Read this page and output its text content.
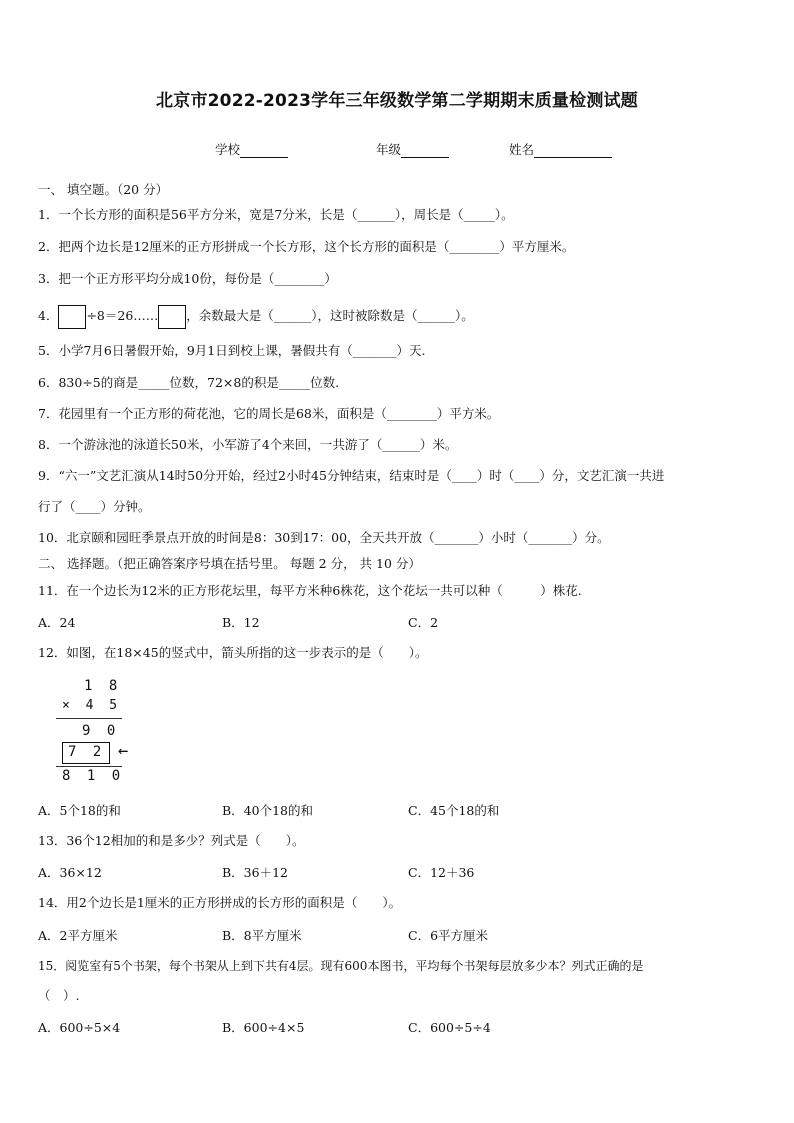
北京市2022-2023学年三年级数学第二学期期末质量检测试题
学校	年级	姓名
一、 填空题。（20 分）
1．一个长方形的面积是56平方分米，宽是7分米，长是（______），周长是（_____）。
2．把两个边长是12厘米的正方形拼成一个长方形，这个长方形的面积是（________）平方厘米。
3．把一个正方形平均分成10份，每份是（________）
4． ÷8＝26…… ，余数最大是（______），这时被除数是（______）。
5．小学7月6日暑假开始，9月1日到校上课，暑假共有（_______）天.
6．830÷5的商是_____位数，72×8的积是_____位数.
7．花园里有一个正方形的荷花池，它的周长是68米，面积是（________）平方米。
8．一个游泳池的泳道长50米，小军游了4个来回，一共游了（______）米。
9．“六一”文艺汇演从14时50分开始，经过2小时45分钟结束，结束时是（____）时（____）分，文艺汇演一共进
行了（____）分钟。
10．北京颐和园旺季景点开放的时间是8：30到17：00，全天共开放（_______）小时（_______）分。
二、 选择题。（把正确答案序号填在括号里。 每题 2 分， 共 10 分）
11．在一个边长为12米的正方形花坛里，每平方米种6株花，这个花坛一共可以种（　　　）株花.
A．24	B．12	C．2
12．如图，在18×45的竖式中，箭头所指的这一步表示的是（　　）。
1 8
× 4 5
9 0
7 2 ←
8 1 0
A．5个18的和	B．40个18的和	C．45个18的和
13．36个12相加的和是多少？列式是（　　）。
A．36×12	B．36＋12	C．12＋36
14．用2个边长是1厘米的正方形拼成的长方形的面积是（　　）。
A．2平方厘米	B．8平方厘米	C．6平方厘米
15．阅览室有5个书架，每个书架从上到下共有4层。现有600本图书，平均每个书架每层放多少本？列式正确的是
（　）.
A．600÷5×4	B．600÷4×5	C．600÷5÷4
